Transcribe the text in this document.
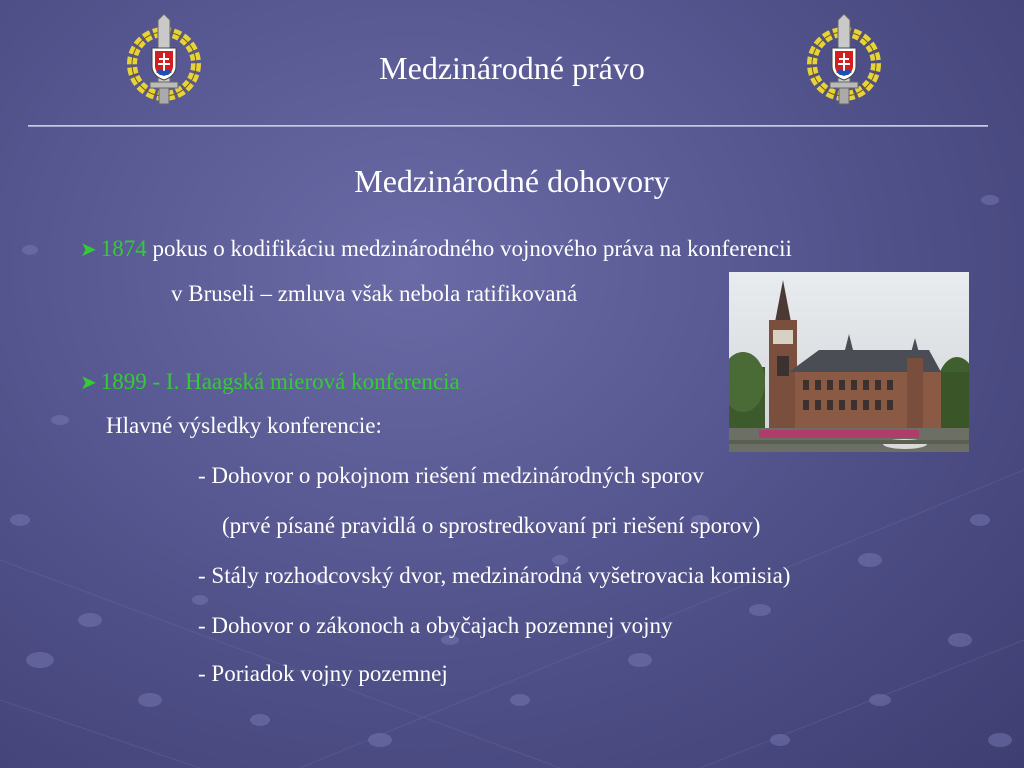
Medzinárodné právo
Medzinárodné dohovory
➤ 1874 pokus o kodifikáciu medzinárodného vojnového práva na konferencii
v Bruseli – zmluva však nebola ratifikovaná
➤ 1899 - I. Haagská mierová konferencia
Hlavné výsledky konferencie:
- Dohovor o pokojnom riešení medzinárodných sporov
(prvé písané pravidlá o sprostredkovaní pri riešení sporov)
- Stály rozhodcovský dvor, medzinárodná vyšetrovacia komisia)
- Dohovor o zákonoch a obyčajach pozemnej vojny
- Poriadok vojny pozemnej
